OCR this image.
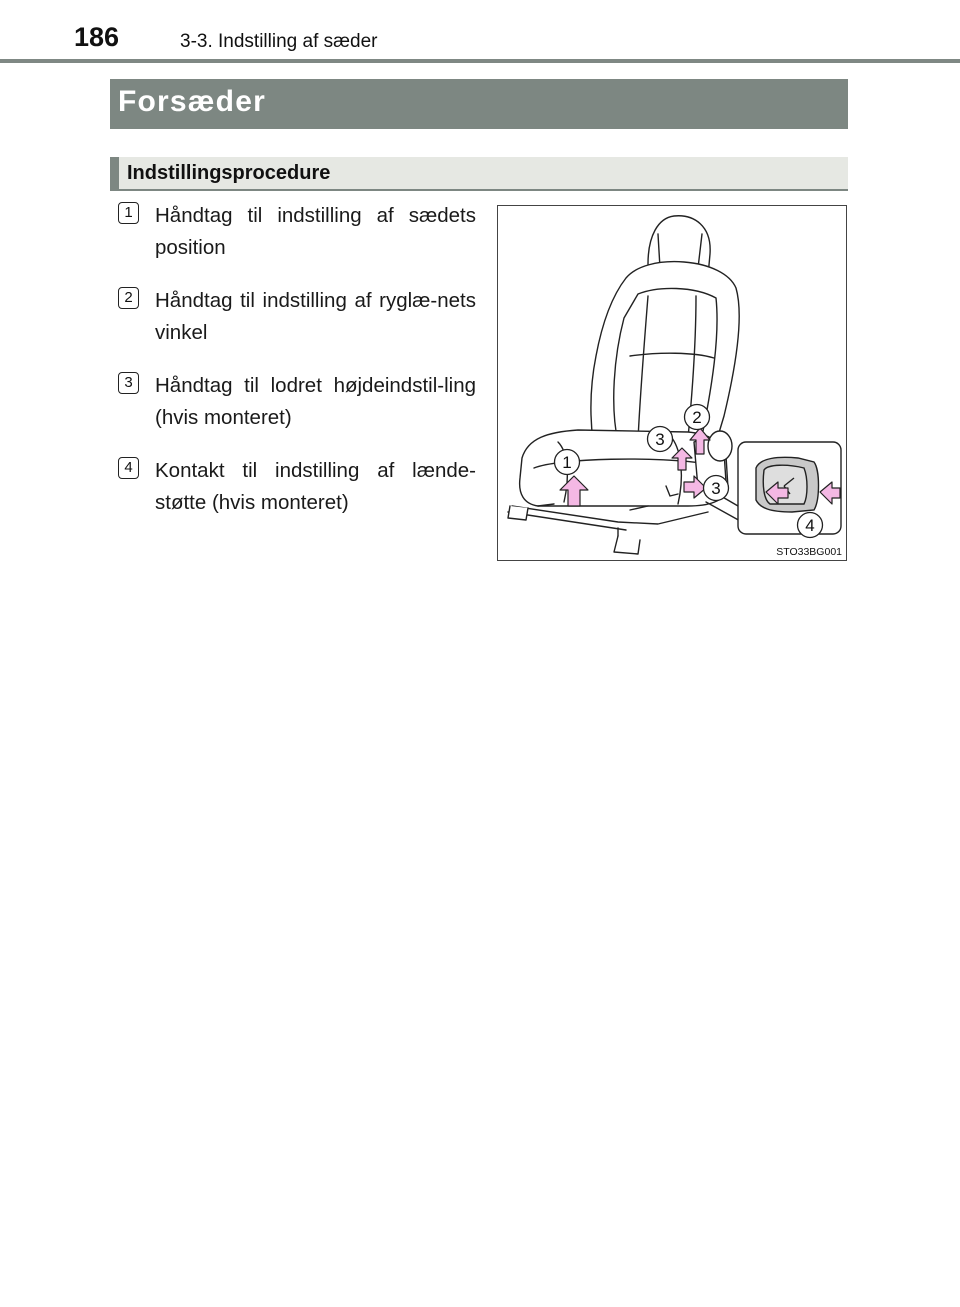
186	3-3. Indstilling af sæder
Forsæder
Indstillingsprocedure
1	Håndtag til indstilling af sædets position
2	Håndtag til indstilling af ryglæ-nets vinkel
3	Håndtag til lodret højdeindstil-ling (hvis monteret)
4	Kontakt til indstilling af lænde-støtte (hvis monteret)
1
2
3
3
4
STO33BG001
